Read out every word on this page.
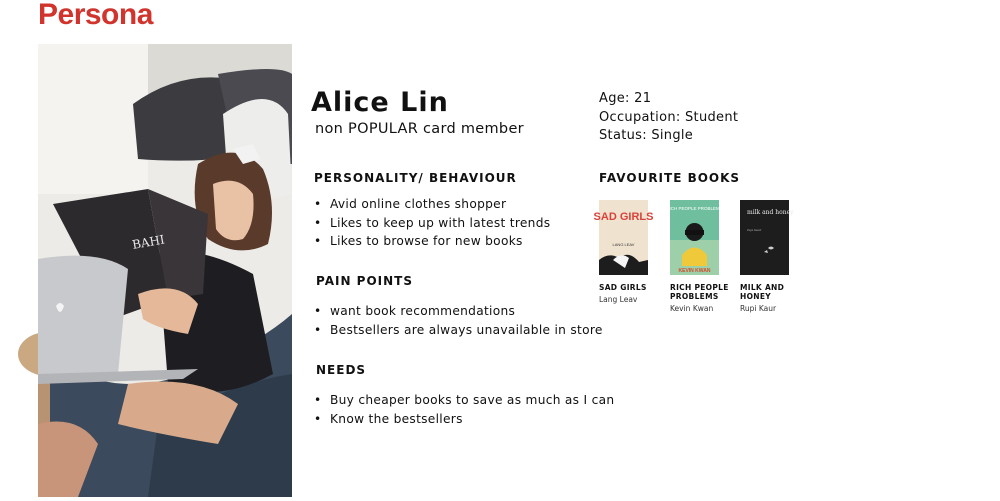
Persona
BAHI
Alice Lin
non POPULAR card member
Age: 21
Occupation: Student
Status: Single
PERSONALITY/ BEHAVIOUR
• Avid online clothes shopper
• Likes to keep up with latest trends
• Likes to browse for new books
PAIN POINTS
• want book recommendations
• Bestsellers are always unavailable in store
NEEDS
• Buy cheaper books to save as much as I can
• Know the bestsellers
FAVOURITE BOOKS
SAD GIRLS
LANG LEAV
SAD GIRLS
Lang Leav
RICH PEOPLE PROBLEMS
KEVIN KWAN
RICH PEOPLE PROBLEMS
Kevin Kwan
milk and honey
rupi kaur
MILK AND HONEY
Rupi Kaur
